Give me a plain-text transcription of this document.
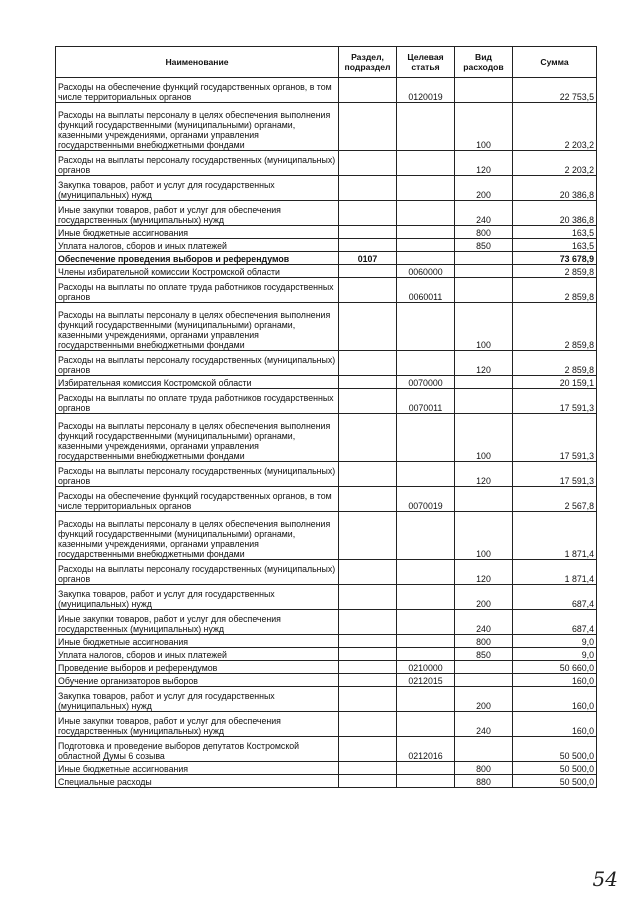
Наименование	Раздел, подраздел	Целевая статья	Вид расходов	Сумма
Расходы на обеспечение функций государственных органов, в том числе территориальных органов		0120019		22 753,5
Расходы на выплаты персоналу в целях обеспечения выполнения функций государственными (муниципальными) органами, казенными учреждениями, органами управления государственными внебюджетными фондами			100	2 203,2
Расходы на выплаты персоналу государственных (муниципальных) органов			120	2 203,2
Закупка товаров, работ и услуг для государственных (муниципальных) нужд			200	20 386,8
Иные закупки товаров, работ и услуг для обеспечения государственных (муниципальных) нужд			240	20 386,8
Иные бюджетные ассигнования			800	163,5
Уплата налогов, сборов и иных платежей			850	163,5
Обеспечение проведения выборов и референдумов	0107			73 678,9
Члены избирательной комиссии Костромской области		0060000		2 859,8
Расходы на выплаты по оплате труда работников государственных органов		0060011		2 859,8
Расходы на выплаты персоналу в целях обеспечения выполнения функций государственными (муниципальными) органами, казенными учреждениями, органами управления государственными внебюджетными фондами			100	2 859,8
Расходы на выплаты персоналу государственных (муниципальных) органов			120	2 859,8
Избирательная комиссия Костромской области		0070000		20 159,1
Расходы на выплаты по оплате труда работников государственных органов		0070011		17 591,3
Расходы на выплаты персоналу в целях обеспечения выполнения функций государственными (муниципальными) органами, казенными учреждениями, органами управления государственными внебюджетными фондами			100	17 591,3
Расходы на выплаты персоналу государственных (муниципальных) органов			120	17 591,3
Расходы на обеспечение функций государственных органов, в том числе территориальных органов		0070019		2 567,8
Расходы на выплаты персоналу в целях обеспечения выполнения функций государственными (муниципальными) органами, казенными учреждениями, органами управления государственными внебюджетными фондами			100	1 871,4
Расходы на выплаты персоналу государственных (муниципальных) органов			120	1 871,4
Закупка товаров, работ и услуг для государственных (муниципальных) нужд			200	687,4
Иные закупки товаров, работ и услуг для обеспечения государственных (муниципальных) нужд			240	687,4
Иные бюджетные ассигнования			800	9,0
Уплата налогов, сборов и иных платежей			850	9,0
Проведение выборов и референдумов		0210000		50 660,0
Обучение организаторов выборов		0212015		160,0
Закупка товаров, работ и услуг для государственных (муниципальных) нужд			200	160,0
Иные закупки товаров, работ и услуг для обеспечения государственных (муниципальных) нужд			240	160,0
Подготовка и проведение выборов депутатов Костромской областной Думы 6 созыва		0212016		50 500,0
Иные бюджетные ассигнования			800	50 500,0
Специальные расходы			880	50 500,0
54
